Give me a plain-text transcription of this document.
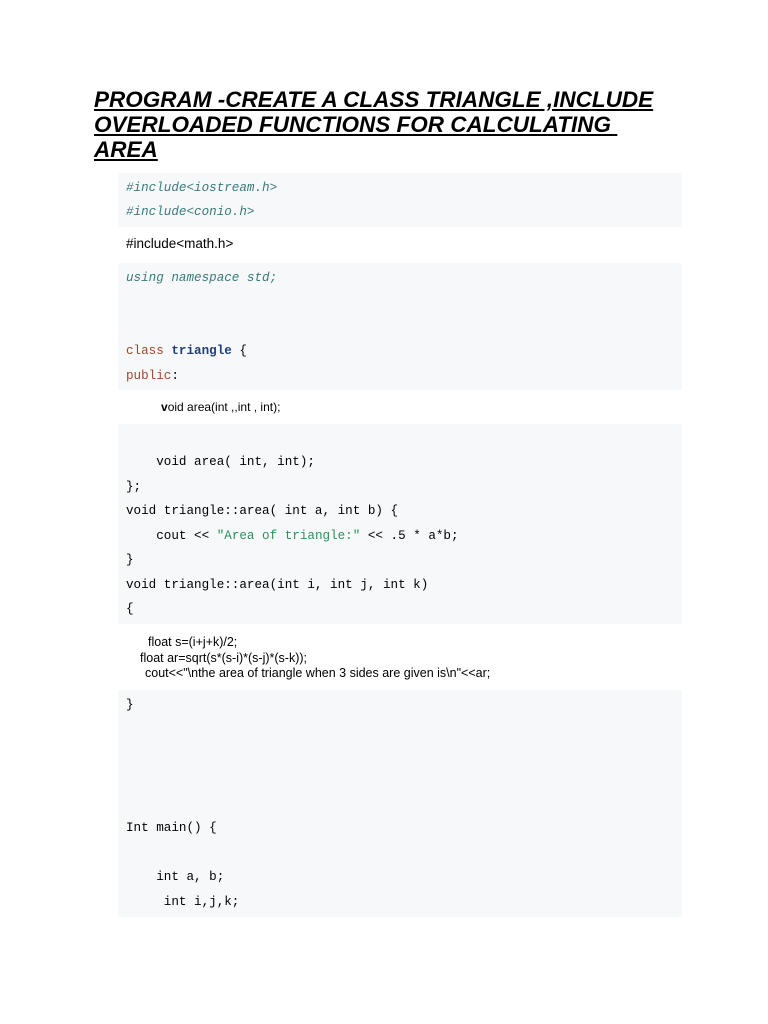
PROGRAM -CREATE A CLASS TRIANGLE ,INCLUDE
OVERLOADED FUNCTIONS FOR CALCULATING
AREA
#include<iostream.h>
#include<conio.h>
#include<math.h>
using namespace std;
class triangle {
public:
void area(int ,,int , int);
void area( int, int);
};
void triangle::area( int a, int b) {
cout << "Area of triangle:" << .5 * a*b;
}
void triangle::area(int i, int j, int k)
{
float s=(i+j+k)/2;
float ar=sqrt(s*(s-i)*(s-j)*(s-k));
cout<<"\nthe area of triangle when 3 sides are given is\n"<<ar;
}
Int main() {
int a, b;
int i,j,k;
